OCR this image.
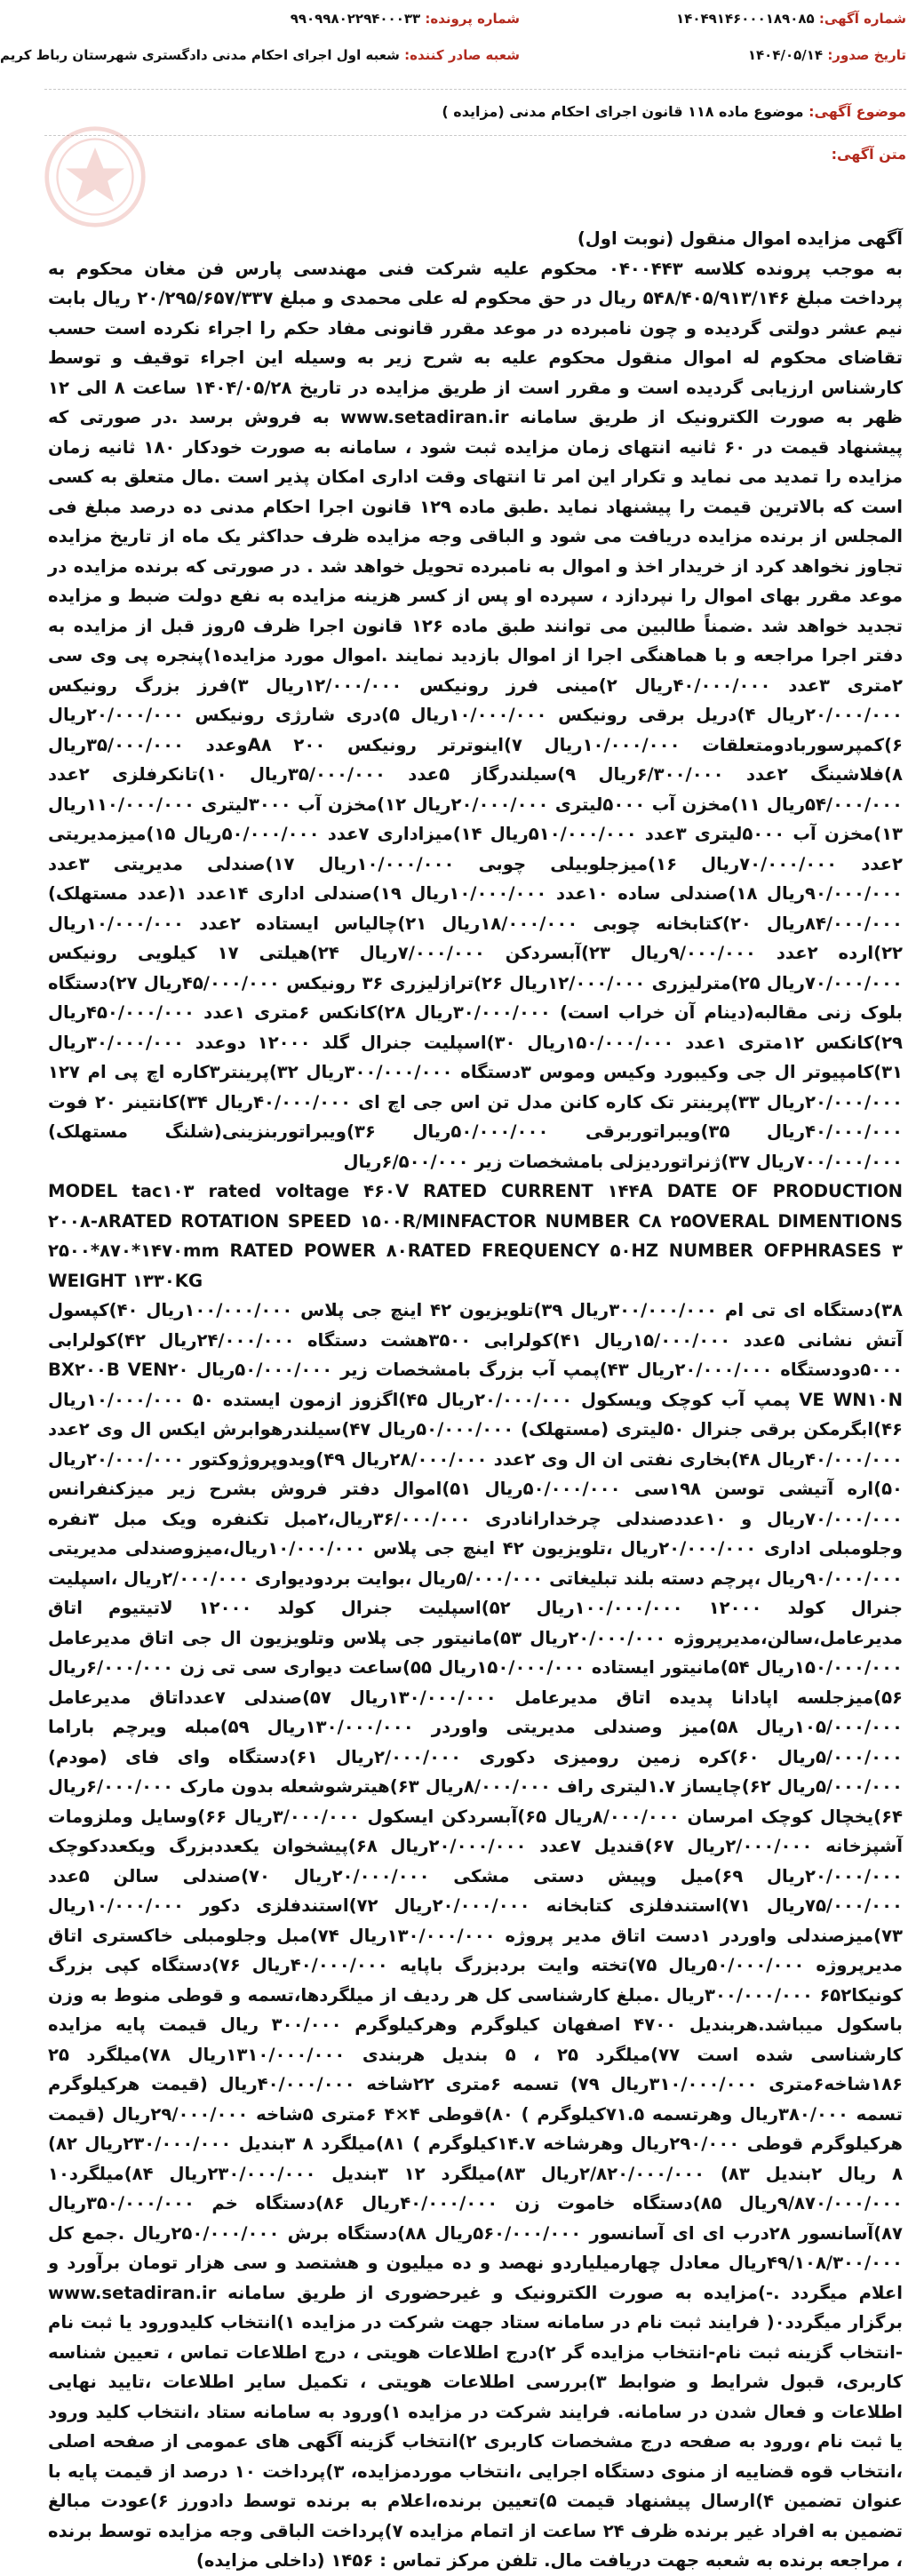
شماره آگهی: ۱۴۰۴۹۱۴۶۰۰۰۱۸۹۰۸۵
شماره پرونده: ۹۹۰۹۹۸۰۲۲۹۴۰۰۰۳۳
تاریخ صدور: ۱۴۰۴/۰۵/۱۴
شعبه صادر کننده: شعبه اول اجرای احکام مدنی دادگستری شهرستان رباط کریم
موضوع آگهی: موضوع ماده ۱۱۸ قانون اجرای احکام مدنی (مزایده )
متن آگهی:

آگهی مزایده اموال منقول (نوبت اول)
به موجب پرونده کلاسه ۰۴۰۰۴۴۳ محکوم علیه شرکت فنی مهندسی پارس فن مغان محکوم به پرداخت مبلغ ۵۴۸/۴۰۵/۹۱۳/۱۴۶ ریال در حق محکوم له علی محمدی و مبلغ ۲۰/۲۹۵/۶۵۷/۳۳۷ ریال بابت نیم عشر دولتی گردیده و چون نامبرده در موعد مقرر قانونی مفاد حکم را اجراء نکرده است حسب تقاضای محکوم له اموال منقول محکوم علیه به شرح زیر به وسیله این اجراء توقیف و توسط کارشناس ارزیابی گردیده است و مقرر است از طریق مزایده در تاریخ ۱۴۰۴/۰۵/۲۸ ساعت ۸ الی ۱۲ ظهر به صورت الکترونیک از طریق سامانه www.setadiran.ir به فروش برسد .در صورتی که پیشنهاد قیمت در ۶۰ ثانیه انتهای زمان مزایده ثبت شود ، سامانه به صورت خودکار ۱۸۰ ثانیه زمان مزایده را تمدید می نماید و تکرار این امر تا انتهای وقت اداری امکان پذیر است .مال متعلق به کسی است که بالاترین قیمت را پیشنهاد نماید .طبق ماده ۱۲۹ قانون اجرا احکام مدنی ده درصد مبلغ فی المجلس از برنده مزایده دریافت می شود و الباقی وجه مزایده ظرف حداکثر یک ماه از تاریخ مزایده تجاوز نخواهد کرد از خریدار اخذ و اموال به نامبرده تحویل خواهد شد . در صورتی که برنده مزایده در موعد مقرر بهای اموال را نپردازد ، سپرده او پس از کسر هزینه مزایده به نفع دولت ضبط و مزایده تجدید خواهد شد .ضمناً طالبین می توانند طبق ماده ۱۲۶ قانون اجرا ظرف ۵روز قبل از مزایده به دفتر اجرا مراجعه و با هماهنگی اجرا از اموال بازدید نمایند .اموال مورد مزایده۱)پنجره پی وی سی ۲متری ۳عدد ۴۰/۰۰۰/۰۰۰ریال ۲)مینی فرز رونیکس ۱۲/۰۰۰/۰۰۰ریال ۳)فرز بزرگ رونیکس ۲۰/۰۰۰/۰۰۰ریال ۴)دریل برقی رونیکس ۱۰/۰۰۰/۰۰۰ریال ۵)دری شارژی رونیکس ۲۰/۰۰۰/۰۰۰ریال ۶)کمپرسوربادومتعلقات ۱۰/۰۰۰/۰۰۰ریال ۷)اینوترتر رونیکس ۲۰۰ A۸وعدد ۳۵/۰۰۰/۰۰۰ریال ۸)فلاشینگ ۲عدد ۶/۳۰۰/۰۰۰ریال ۹)سیلندرگاز ۵عدد ۳۵/۰۰۰/۰۰۰ریال ۱۰)تانکرفلزی ۲عدد ۵۴/۰۰۰/۰۰۰ریال ۱۱)مخزن آب ۵۰۰۰لیتری ۲۰/۰۰۰/۰۰۰ریال ۱۲)مخزن آب ۳۰۰۰لیتری ۱۱۰/۰۰۰/۰۰۰ریال ۱۳)مخزن آب ۵۰۰۰لیتری ۳عدد ۵۱۰/۰۰۰/۰۰۰ریال ۱۴)میزاداری ۷عدد ۵۰/۰۰۰/۰۰۰ریال ۱۵)میزمدیریتی ۲عدد ۷۰/۰۰۰/۰۰۰ریال ۱۶)میزجلوبیلی چوبی ۱۰/۰۰۰/۰۰۰ریال ۱۷)صندلی مدیریتی ۳عدد ۹۰/۰۰۰/۰۰۰ریال ۱۸)صندلی ساده ۱۰عدد ۱۰/۰۰۰/۰۰۰ریال ۱۹)صندلی اداری ۱۴عدد ۱(عدد مستهلک) ۸۴/۰۰۰/۰۰۰ریال ۲۰)کتابخانه چوبی ۱۸/۰۰۰/۰۰۰ریال ۲۱)چالیاس ایستاده ۲عدد ۱۰/۰۰۰/۰۰۰ریال ۲۲)ارده ۲عدد ۹/۰۰۰/۰۰۰ریال ۲۳)آبسردکن ۷/۰۰۰/۰۰۰ریال ۲۴)هیلتی ۱۷ کیلویی رونیکس ۷۰/۰۰۰/۰۰۰ریال ۲۵)مترلیزری ۱۲/۰۰۰/۰۰۰ریال ۲۶)ترازلیزری ۳۶ رونیکس ۴۵/۰۰۰/۰۰۰ریال ۲۷)دستگاه بلوک زنی مقالبه(دینام آن خراب است) ۳۰/۰۰۰/۰۰۰ریال ۲۸)کانکس ۶متری ۱عدد ۴۵۰/۰۰۰/۰۰۰ریال ۲۹)کانکس ۱۲متری ۱عدد ۱۵۰/۰۰۰/۰۰۰ریال ۳۰)اسپلیت جنرال گلد ۱۲۰۰۰ دوعدد ۳۰/۰۰۰/۰۰۰ریال ۳۱)کامپیوتر ال جی وکیبورد وکیس وموس ۳دستگاه ۳۰۰/۰۰۰/۰۰۰ریال ۳۲)پرینتر۳کاره اچ پی ام ۱۲۷ ۲۰/۰۰۰/۰۰۰ریال ۳۳)پرینتر تک کاره کانن مدل تن اس جی اچ ای ۴۰/۰۰۰/۰۰۰ریال ۳۴)کانتینر ۲۰ فوت ۴۰/۰۰۰/۰۰۰ریال ۳۵)ویبراتوربرقی ۵۰/۰۰۰/۰۰۰ریال ۳۶)ویبراتوربنزینی(شلنگ مستهلک) ۷۰۰/۰۰۰/۰۰۰ریال ۳۷)ژنراتوردیزلی بامشخصات زیر ۶/۵۰۰/۰۰۰ریال
MODEL tac۱۰۳ rated voltage ۴۶۰V RATED CURRENT ۱۴۴A DATE OF PRODUCTION ۲۰۰۸-۸RATED ROTATION SPEED ۱۵۰۰R/MINFACTOR NUMBER C۸ ۲۵OVERAL DIMENTIONS ۲۵۰۰*۸۷۰*۱۴۷۰mm RATED POWER ۸۰RATED FREQUENCY ۵۰HZ NUMBER OFPHRASES ۳ WEIGHT ۱۳۳۰KG
۳۸)دستگاه ای تی ام ۳۰۰/۰۰۰/۰۰۰ریال ۳۹)تلویزیون ۴۲ اینچ جی پلاس ۱۰۰/۰۰۰/۰۰۰ریال ۴۰)کپسول آتش نشانی ۵عدد ۱۵/۰۰۰/۰۰۰ریال ۴۱)کولرابی ۳۵۰۰هشت دستگاه ۲۴/۰۰۰/۰۰۰ریال ۴۲)کولرابی ۵۰۰۰دودستگاه ۲۰/۰۰۰/۰۰۰ریال ۴۳)پمپ آب بزرگ بامشخصات زیر ۵۰/۰۰۰/۰۰۰ریال BX۲۰۰B VEN۲۰ VE WN۱۰N پمپ آب کوچک ویسکول ۲۰/۰۰۰/۰۰۰ریال ۴۵)اگزوز ازمون ایستده ۵۰ ۱۰/۰۰۰/۰۰۰ریال ۴۶)ابگرمکن برقی جنرال ۵۰لیتری (مستهلک) ۵۰/۰۰۰/۰۰۰ریال ۴۷)سیلندرهوابرش ایکس ال وی ۲عدد ۴۰/۰۰۰/۰۰۰ریال ۴۸)بخاری نفتی ان ال وی ۲عدد ۲۸/۰۰۰/۰۰۰ریال ۴۹)ویدوپروژوکتور ۲۰/۰۰۰/۰۰۰ریال ۵۰)اره آتیشی توسن ۱۹۸سی ۵۰/۰۰۰/۰۰۰ریال ۵۱)اموال دفتر فروش بشرح زیر میزکنفرانس ۷۰/۰۰۰/۰۰۰ریال و ۱۰عددصندلی چرخدارانادری ۳۶/۰۰۰/۰۰۰ریال،۲مبل تکنفره ویک مبل ۳نفره وجلومبلی اداری ۲۰/۰۰۰/۰۰۰ریال ،تلویزیون ۴۲ اینچ جی پلاس ۱۰/۰۰۰/۰۰۰ریال،میزوصندلی مدیریتی ۹۰/۰۰۰/۰۰۰ریال ،پرچم دسته بلند تبلیغاتی ۵/۰۰۰/۰۰۰ریال ،بوایت بردودیواری ۲/۰۰۰/۰۰۰ریال ،اسپلیت جنرال کولد ۱۲۰۰۰ ۱۰۰/۰۰۰/۰۰۰ریال ۵۲)اسپلیت جنرال کولد ۱۲۰۰۰ لاتیتیوم اتاق مدیرعامل،سالن،مدیرپروژه ۲۰/۰۰۰/۰۰۰ریال ۵۳)مانیتور جی پلاس وتلویزیون ال جی اتاق مدیرعامل ۱۵۰/۰۰۰/۰۰۰ریال ۵۴)مانیتور ایستاده ۱۵۰/۰۰۰/۰۰۰ریال ۵۵)ساعت دیواری سی تی زن ۶/۰۰۰/۰۰۰ریال ۵۶)میزجلسه اپادانا پدیده اتاق مدیرعامل ۱۳۰/۰۰۰/۰۰۰ریال ۵۷)صندلی ۷عدداتاق مدیرعامل ۱۰۵/۰۰۰/۰۰۰ریال ۵۸)میز وصندلی مدیریتی واوردر ۱۳۰/۰۰۰/۰۰۰ریال ۵۹)مبله ویرچم باراما ۵/۰۰۰/۰۰۰ریال ۶۰)کره زمین رومیزی دکوری ۲/۰۰۰/۰۰۰ریال ۶۱)دستگاه وای فای (مودم) ۵/۰۰۰/۰۰۰ریال ۶۲)چایساز ۱.۷لیتری راف ۸/۰۰۰/۰۰۰ریال ۶۳)هیترشوشعله بدون مارک ۶/۰۰۰/۰۰۰ریال ۶۴)یخچال کوچک امرسان ۸/۰۰۰/۰۰۰ریال ۶۵)آبسردکن ایسکول ۳/۰۰۰/۰۰۰ریال ۶۶)وسایل وملزومات آشپزخانه ۲/۰۰۰/۰۰۰ریال ۶۷)قندیل ۷عدد ۲۰/۰۰۰/۰۰۰ریال ۶۸)پیشخوان یکعددبزرگ ویکعددکوچک ۲۰/۰۰۰/۰۰۰ریال ۶۹)میل وپیش دستی مشکی ۲۰/۰۰۰/۰۰۰ریال ۷۰)صندلی سالن ۵عدد ۷۵/۰۰۰/۰۰۰ریال ۷۱)استندفلزی کتابخانه ۲۰/۰۰۰/۰۰۰ریال ۷۲)استندفلزی دکور ۱۰/۰۰۰/۰۰۰ریال ۷۳)میزصندلی واوردر ۱دست اتاق مدیر پروژه ۱۳۰/۰۰۰/۰۰۰ریال ۷۴)مبل وجلومبلی خاکستری اتاق مدیرپروژه ۵۰/۰۰۰/۰۰۰ریال ۷۵)تخته وایت بردبزرگ باپایه ۴۰/۰۰۰/۰۰۰ریال ۷۶)دستگاه کپی بزرگ کونیکا۶۵۲ ۳۰۰/۰۰۰/۰۰۰ریال .مبلغ کارشناسی کل هر ردیف از میلگردها،تسمه و قوطی منوط به وزن باسکول میباشد.هربندیل ۴۷۰۰ اصفهان کیلوگرم وهرکیلوگرم ۳۰۰/۰۰۰ ریال قیمت پایه مزایده کارشناسی شده است ۷۷)میلگرد ۲۵ ، ۵ بندیل هربندی ۱۳۱۰/۰۰۰/۰۰۰ریال ۷۸)میلگرد ۲۵ ۱۸۶شاخه۶متری ۳۱۰/۰۰۰/۰۰۰ریال ۷۹) تسمه ۶متری ۲۲شاخه ۴۰/۰۰۰/۰۰۰ریال (قیمت هرکیلوگرم تسمه ۳۸۰/۰۰۰ریال وهرتسمه ۷۱.۵کیلوگرم ) ۸۰)قوطی ۴×۴ ۶متری ۵شاخه ۲۹/۰۰۰/۰۰۰ریال (قیمت هرکیلوگرم قوطی ۲۹۰/۰۰۰ریال وهرشاخه ۱۴.۷کیلوگرم ) ۸۱)میلگرد ۸ ۳بندیل ۲۳۰/۰۰۰/۰۰۰ریال ۸۲) ۸ ریال ۲بندیل ۸۳) ۲/۸۲۰/۰۰۰/۰۰۰ریال ۸۳)میلگرد ۱۲ ۳بندیل ۲۳۰/۰۰۰/۰۰۰ریال ۸۴)میلگرد۱۰ ۹/۸۷۰/۰۰۰/۰۰۰ریال ۸۵)دستگاه خاموت زن ۴۰/۰۰۰/۰۰۰ریال ۸۶)دستگاه خم ۳۵۰/۰۰۰/۰۰۰ریال ۸۷)آسانسور ۲۸درب ای ای آسانسور ۵۶۰/۰۰۰/۰۰۰ریال ۸۸)دستگاه برش ۲۵۰/۰۰۰/۰۰۰ریال .جمع کل ۴۹/۱۰۸/۳۰۰/۰۰۰ریال معادل چهارمیلیاردو نهصد و ده میلیون و هشتصد و سی هزار تومان برآورد و اعلام میگردد .-(مزایده به صورت الکترونیک و غیرحضوری از طریق سامانه www.setadiran.ir برگزار میگردد)۰ فرایند ثبت نام در سامانه ستاد جهت شرکت در مزایده ۱)انتخاب کلیدورود یا ثبت نام -انتخاب گزینه ثبت نام-انتخاب مزایده گر ۲)درج اطلاعات هویتی ، درج اطلاعات تماس ، تعیین شناسه کاربری، قبول شرایط و ضوابط ۳)بررسی اطلاعات هویتی ، تکمیل سایر اطلاعات ،تایید نهایی اطلاعات و فعال شدن در سامانه. فرایند شرکت در مزایده ۱)ورود به سامانه ستاد ،انتخاب کلید ورود یا ثبت نام ،ورود به صفحه درج مشخصات کاربری ۲)انتخاب گزینه آگهی های عمومی از صفحه اصلی ،انتخاب قوه قضاییه از منوی دستگاه اجرایی ،انتخاب موردمزایده، ۳)پرداخت ۱۰ درصد از قیمت پایه با عنوان تضمین ۴)ارسال پیشنهاد قیمت ۵)تعیین برنده،اعلام به برنده توسط دادورز ۶)عودت مبالغ تضمین به افراد غیر برنده ظرف ۲۴ ساعت از اتمام مزایده ۷)پرداخت الباقی وجه مزایده توسط برنده ، مراجعه برنده به شعبه جهت دریافت مال. تلفن مرکز تماس : ۱۴۵۶ (داخلی مزایده)
